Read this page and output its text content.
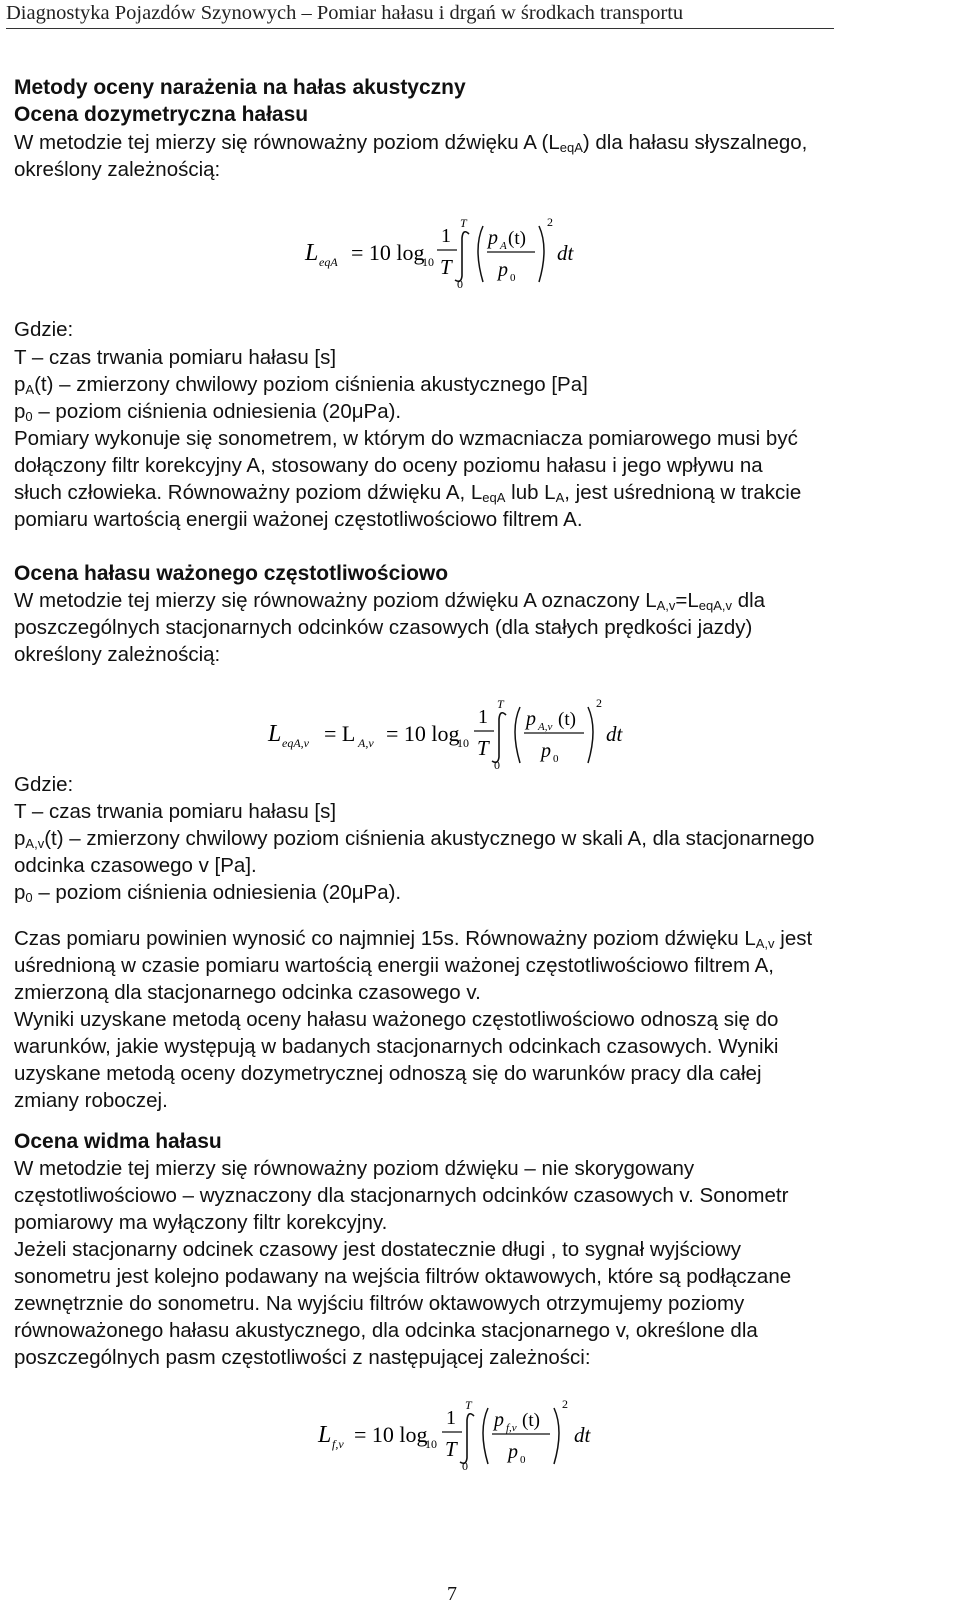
Diagnostyka Pojazdów Szynowych – Pomiar hałasu i drgań w środkach transportu
Metody oceny narażenia na hałas akustyczny
Ocena dozymetryczna hałasu
W metodzie tej mierzy się równoważny poziom dźwięku A $(L_{eqA})$ dla hałasu słyszalnego,
określony zależnością:
L eqA = 10 log
10
1
T
T
0
p A (t)
p 0
2
dt
Gdzie:
T – czas trwania pomiaru hałasu [s]
$p_A(t)$ – zmierzony chwilowy poziom ciśnienia akustycznego [Pa]
$p_0$ – poziom ciśnienia odniesienia (20μPa).
Pomiary wykonuje się sonometrem, w którym do wzmacniacza pomiarowego musi być
dołączony filtr korekcyjny A, stosowany do oceny poziomu hałasu i jego wpływu na
słuch człowieka. Równoważny poziom dźwięku A, $L_{eqA}$ lub $L_A$, jest uśrednioną w trakcie
pomiaru wartością energii ważonej częstotliwościowo filtrem A.
Ocena hałasu ważonego częstotliwościowo
W metodzie tej mierzy się równoważny poziom dźwięku A oznaczony $L_{A,v}=L_{eqA,v}$ dla
poszczególnych stacjonarnych odcinków czasowych (dla stałych prędkości jazdy)
określony zależnością:
L eqA,v = L A,v = 10 log
10
1
T
T
0
p A,v (t)
p 0
2
dt
Gdzie:
T – czas trwania pomiaru hałasu [s]
$p_{A,v}(t)$ – zmierzony chwilowy poziom ciśnienia akustycznego w skali A, dla stacjonarnego
odcinka czasowego v [Pa].
$p_0$ – poziom ciśnienia odniesienia (20μPa).
Czas pomiaru powinien wynosić co najmniej 15s. Równoważny poziom dźwięku $L_{A,v}$ jest
uśrednioną w czasie pomiaru wartością energii ważonej częstotliwościowo filtrem A,
zmierzoną dla stacjonarnego odcinka czasowego v.
Wyniki uzyskane metodą oceny hałasu ważonego częstotliwościowo odnoszą się do
warunków, jakie występują w badanych stacjonarnych odcinkach czasowych. Wyniki
uzyskane metodą oceny dozymetrycznej odnoszą się do warunków pracy dla całej
zmiany roboczej.
Ocena widma hałasu
W metodzie tej mierzy się równoważny poziom dźwięku – nie skorygowany
częstotliwościowo – wyznaczony dla stacjonarnych odcinków czasowych v. Sonometr
pomiarowy ma wyłączony filtr korekcyjny.
Jeżeli stacjonarny odcinek czasowy jest dostatecznie długi , to sygnał wyjściowy
sonometru jest kolejno podawany na wejścia filtrów oktawowych, które są podłączane
zewnętrznie do sonometru. Na wyjściu filtrów oktawowych otrzymujemy poziomy
równoważonego hałasu akustycznego, dla odcinka stacjonarnego v, określone dla
poszczególnych pasm częstotliwości z następującej zależności:
L f,v = 10 log
10
1
T
T
0
p f,v (t)
p 0
2
dt
7
